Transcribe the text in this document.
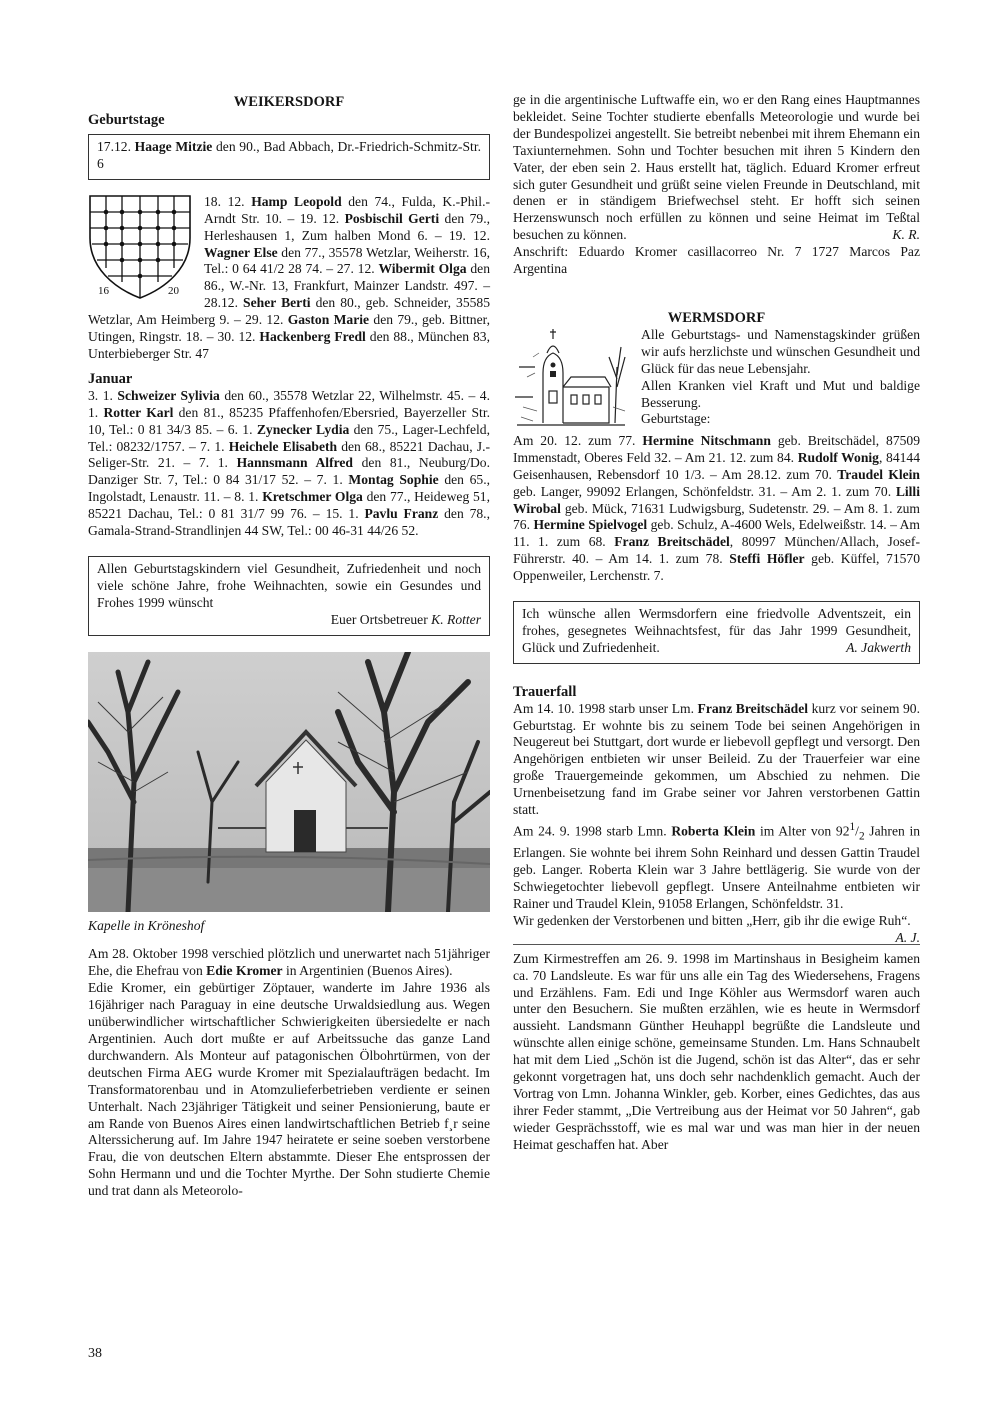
WEIKERSDORF
Geburtstage

17.12. Haage Mitzie den 90., Bad Abbach, Dr.-Friedrich-Schmitz-Str. 6

16	20

18. 12. Hamp Leopold den 74., Fulda, K.-Phil.-Arndt Str. 10. – 19. 12. Posbischil Gerti den 79., Herleshausen 1, Zum halben Mond 6. – 19. 12. Wagner Else den 77., 35578 Wetzlar, Weiherstr. 16, Tel.: 0 64 41/2 28 74. – 27. 12. Wibermit Olga den 86., W.-Nr. 13, Frankfurt, Mainzer Landstr. 497. – 28.12. Seher Berti den 80., geb. Schneider, 35585 Wetzlar, Am Heimberg 9. – 29. 12. Gaston Marie den 79., geb. Bittner, Utingen, Ringstr. 18. – 30. 12. Hackenberg Fredl den 88., München 83, Unterbieberger Str. 47

Januar

3. 1. Schweizer Sylivia den 60., 35578 Wetzlar 22, Wilhelmstr. 45. – 4. 1. Rotter Karl den 81., 85235 Pfaffenhofen/Ebersried, Bayerzeller Str. 10, Tel.: 0 81 34/3 85. – 6. 1. Zynecker Lydia den 75., Lager-Lechfeld, Tel.: 08232/1757. – 7. 1. Heichele Elisabeth den 68., 85221 Dachau, J.-Seliger-Str. 21. – 7. 1. Hannsmann Alfred den 81., Neuburg/Do. Danziger Str. 7, Tel.: 0 84 31/17 52. – 7. 1. Montag Sophie den 65., Ingolstadt, Lenaustr. 11. – 8. 1. Kretschmer Olga den 77., Heideweg 51, 85221 Dachau, Tel.: 0 81 31/7 99 76. – 15. 1. Pavlu Franz den 78., Gamala-Strand-Strandlinjen 44 SW, Tel.: 00 46-31 44/26 52.

Allen Geburtstagskindern viel Gesundheit, Zufriedenheit und noch viele schöne Jahre, frohe Weihnachten, sowie ein Gesundes und Frohes 1999 wünscht

Euer Ortsbetreuer K. Rotter
Kapelle in Kröneshof

Am 28. Oktober 1998 verschied plötzlich und unerwartet nach 51jähriger Ehe, die Ehefrau von Edie Kromer in Argentinien (Buenos Aires).
Edie Kromer, ein gebürtiger Zöptauer, wanderte im Jahre 1936 als 16jähriger nach Paraguay in eine deutsche Urwaldsiedlung aus. Wegen unüberwindlicher wirtschaftlicher Schwierigkeiten übersiedelte er nach Argentinien. Auch dort mußte er auf Arbeitssuche das ganze Land durchwandern. Als Monteur auf patagonischen Ölbohrtürmen, von der deutschen Firma AEG wurde Kromer mit Spezialaufträgen bedacht. Im Transformatorenbau und in Atomzulieferbetrieben verdiente er seinen Unterhalt. Nach 23jähriger Tätigkeit und seiner Pensionierung, baute er am Rande von Buenos Aires einen landwirtschaftlichen Betrieb f¸r seine Alterssicherung auf. Im Jahre 1947 heiratete er seine soeben verstorbene Frau, die von deutschen Eltern abstammte. Dieser Ehe entsprossen der Sohn Hermann und und die Tochter Myrthe. Der Sohn studierte Chemie und trat dann als Meteorolo-

ge in die argentinische Luftwaffe ein, wo er den Rang eines Hauptmannes bekleidet. Seine Tochter studierte ebenfalls Meteorologie und wurde bei der Bundespolizei angestellt. Sie betreibt nebenbei mit ihrem Ehemann ein Taxiunternehmen. Sohn und Tochter besuchen mit ihren 5 Kindern den Vater, der eben sein 2. Haus erstellt hat, täglich. Eduard Kromer erfreut sich guter Gesundheit und grüßt seine vielen Freunde in Deutschland, mit denen er in ständigem Briefwechsel steht. Er hofft sich seinen Herzenswunsch noch erfüllen zu können und seine Heimat im Teßtal besuchen zu können.	K. R.

Anschrift: Eduardo Kromer casillacorreo Nr. 7 1727 Marcos Paz Argentina

WERMSDORF

Alle Geburtstags- und Namenstagskinder grüßen wir aufs herzlichste und wünschen Gesundheit und Glück für das neue Lebensjahr.

Allen Kranken viel Kraft und Mut und baldige Besserung.

Geburtstage:

Am 20. 12. zum 77. Hermine Nitschmann geb. Breitschädel, 87509 Immenstadt, Oberes Feld 32. – Am 21. 12. zum 84. Rudolf Wonig, 84144 Geisenhausen, Rebensdorf 10 1/3. – Am 28.12. zum 70. Traudel Klein geb. Langer, 99092 Erlangen, Schönfeldstr. 31. – Am 2. 1. zum 70. Lilli Wirobal geb. Mück, 71631 Ludwigsburg, Sudetenstr. 29. – Am 8. 1. zum 76. Hermine Spielvogel geb. Schulz, A-4600 Wels, Edelweißstr. 14. – Am 11. 1. zum 68. Franz Breitschädel, 80997 München/Allach, Josef-Führerstr. 40. – Am 14. 1. zum 78. Steffi Höfler geb. Küffel, 71570 Oppenweiler, Lerchenstr. 7.

Ich wünsche allen Wermsdorfern eine friedvolle Adventszeit, ein frohes, gesegnetes Weihnachtsfest, für das Jahr 1999 Gesundheit, Glück und Zufriedenheit.	A. Jakwerth

Trauerfall

Am 14. 10. 1998 starb unser Lm. Franz Breitschädel kurz vor seinem 90. Geburtstag. Er wohnte bis zu seinem Tode bei seinen Angehörigen in Neugereut bei Stuttgart, dort wurde er liebevoll gepflegt und versorgt. Den Angehörigen entbieten wir unser Beileid. Zu der Trauerfeier war eine große Trauergemeinde gekommen, um Abschied zu nehmen. Die Urnenbeisetzung fand im Grabe seiner vor Jahren verstorbenen Gattin statt.

Am 24. 9. 1998 starb Lmn. Roberta Klein im Alter von $92^1/_2$ Jahren in Erlangen. Sie wohnte bei ihrem Sohn Reinhard und dessen Gattin Traudel geb. Langer. Roberta Klein war 3 Jahre bettlägerig. Sie wurde von der Schwiegetochter liebevoll gepflegt. Unsere Anteilnahme entbieten wir Rainer und Traudel Klein, 91058 Erlangen, Schönfeldstr. 31.

Wir gedenken der Verstorbenen und bitten „Herr, gib ihr die ewige Ruh“.
A. J.

Zum Kirmestreffen am 26. 9. 1998 im Martinshaus in Besigheim kamen ca. 70 Landsleute. Es war für uns alle ein Tag des Wiedersehens, Fragens und Erzählens. Fam. Edi und Inge Köhler aus Wermsdorf waren auch unter den Besuchern. Sie mußten erzählen, wie es heute in Wermsdorf aussieht. Landsmann Günther Heuhappl begrüßte die Landsleute und wünschte allen einige schöne, gemeinsame Stunden. Lm. Hans Schnaubelt hat mit dem Lied „Schön ist die Jugend, schön ist das Alter“, das er sehr gekonnt vorgetragen hat, uns doch sehr nachdenklich gemacht. Auch der Vortrag von Lmn. Johanna Winkler, geb. Korber, eines Gedichtes, das aus ihrer Feder stammt, „Die Vertreibung aus der Heimat vor 50 Jahren“, gab wieder Gesprächsstoff, wie es mal war und was man hier in der neuen Heimat geschaffen hat. Aber

38
